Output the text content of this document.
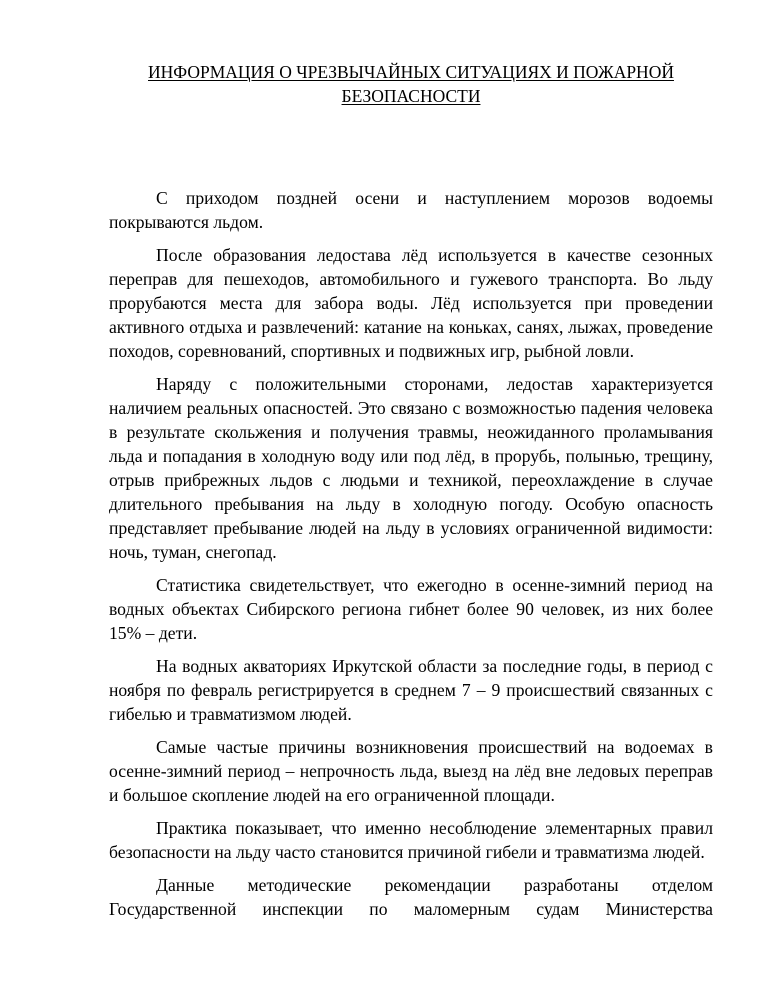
ИНФОРМАЦИЯ О ЧРЕЗВЫЧАЙНЫХ СИТУАЦИЯХ И ПОЖАРНОЙ БЕЗОПАСНОСТИ

С приходом поздней осени и наступлением морозов водоемы покрываются льдом.

После образования ледостава лёд используется в качестве сезонных переправ для пешеходов, автомобильного и гужевого транспорта. Во льду прорубаются места для забора воды. Лёд используется при проведении активного отдыха и развлечений: катание на коньках, санях, лыжах, проведение походов, соревнований, спортивных и подвижных игр, рыбной ловли.

Наряду с положительными сторонами, ледостав характеризуется наличием реальных опасностей. Это связано с возможностью падения человека в результате скольжения и получения травмы, неожиданного проламывания льда и попадания в холодную воду или под лёд, в прорубь, полынью, трещину, отрыв прибрежных льдов с людьми и техникой, переохлаждение в случае длительного пребывания на льду в холодную погоду. Особую опасность представляет пребывание людей на льду в условиях ограниченной видимости: ночь, туман, снегопад.

Статистика свидетельствует, что ежегодно в осенне-зимний период на водных объектах Сибирского региона гибнет более 90 человек, из них более 15% – дети.

На водных акваториях Иркутской области за последние годы, в период с ноября по февраль регистрируется в среднем 7 – 9 происшествий связанных с гибелью и травматизмом людей.

Самые частые причины возникновения происшествий на водоемах в осенне-зимний период – непрочность льда, выезд на лёд вне ледовых переправ и большое скопление людей на его ограниченной площади.

Практика показывает, что именно несоблюдение элементарных правил безопасности на льду часто становится причиной гибели и травматизма людей.

Данные методические рекомендации разработаны отделом Государственной инспекции по маломерным судам Министерства
